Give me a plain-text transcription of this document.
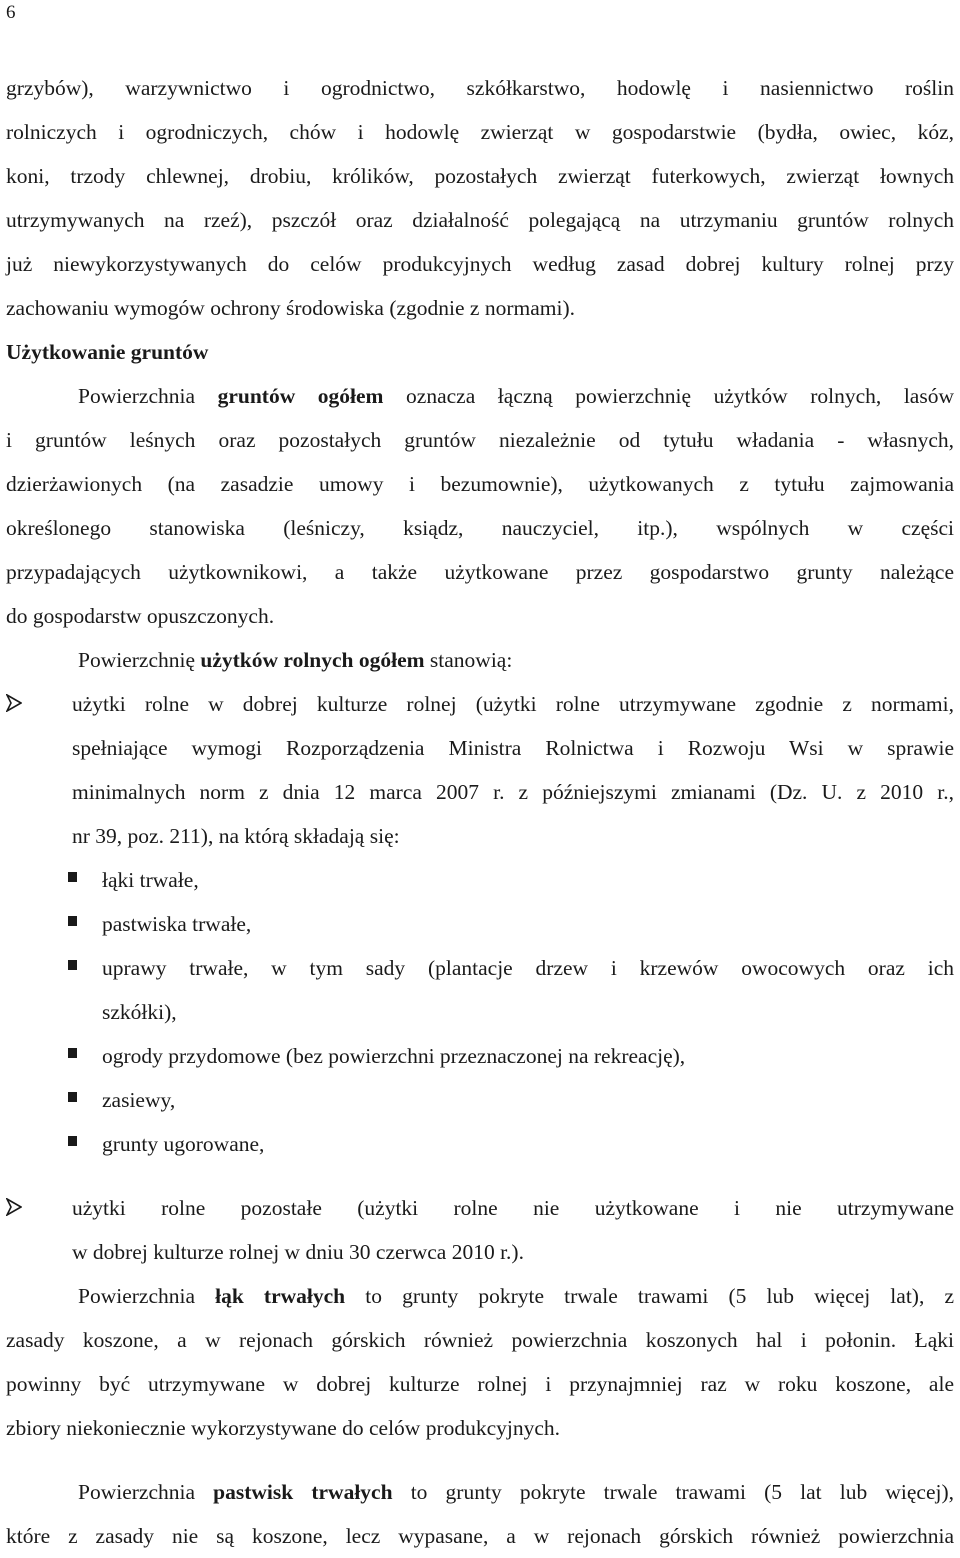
6
grzybów), warzywnictwo i ogrodnictwo, szkółkarstwo, hodowlę i nasiennictwo roślin
rolniczych i ogrodniczych, chów i hodowlę zwierząt w gospodarstwie (bydła, owiec, kóz,
koni, trzody chlewnej, drobiu, królików, pozostałych zwierząt futerkowych, zwierząt łownych
utrzymywanych na rzeź), pszczół oraz działalność polegającą na utrzymaniu gruntów rolnych
już niewykorzystywanych do celów produkcyjnych według zasad dobrej kultury rolnej przy
zachowaniu wymogów ochrony środowiska (zgodnie z normami).
Użytkowanie gruntów
Powierzchnia gruntów ogółem oznacza łączną powierzchnię użytków rolnych, lasów
i gruntów leśnych oraz pozostałych gruntów niezależnie od tytułu władania - własnych,
dzierżawionych (na zasadzie umowy i bezumownie), użytkowanych z tytułu zajmowania
określonego stanowiska (leśniczy, ksiądz, nauczyciel, itp.), wspólnych w części
przypadających użytkownikowi, a także użytkowane przez gospodarstwo grunty należące
do gospodarstw opuszczonych.
Powierzchnię użytków rolnych ogółem stanowią:
użytki rolne w dobrej kulturze rolnej (użytki rolne utrzymywane zgodnie z normami,
spełniające wymogi Rozporządzenia Ministra Rolnictwa i Rozwoju Wsi w sprawie
minimalnych norm z dnia 12 marca 2007 r. z późniejszymi zmianami (Dz. U. z 2010 r.,
nr 39, poz. 211), na którą składają się:
łąki trwałe,
pastwiska trwałe,
uprawy trwałe, w tym sady (plantacje drzew i krzewów owocowych oraz ich
szkółki),
ogrody przydomowe (bez powierzchni przeznaczonej na rekreację),
zasiewy,
grunty ugorowane,
użytki rolne pozostałe (użytki rolne nie użytkowane i nie utrzymywane
w dobrej kulturze rolnej w dniu 30 czerwca 2010 r.).
Powierzchnia łąk trwałych to grunty pokryte trwale trawami (5 lub więcej lat), z
zasady koszone, a w rejonach górskich również powierzchnia koszonych hal i połonin. Łąki
powinny być utrzymywane w dobrej kulturze rolnej i przynajmniej raz w roku koszone, ale
zbiory niekoniecznie wykorzystywane do celów produkcyjnych.
Powierzchnia pastwisk trwałych to grunty pokryte trwale trawami (5 lat lub więcej),
które z zasady nie są koszone, lecz wypasane, a w rejonach górskich również powierzchnia
